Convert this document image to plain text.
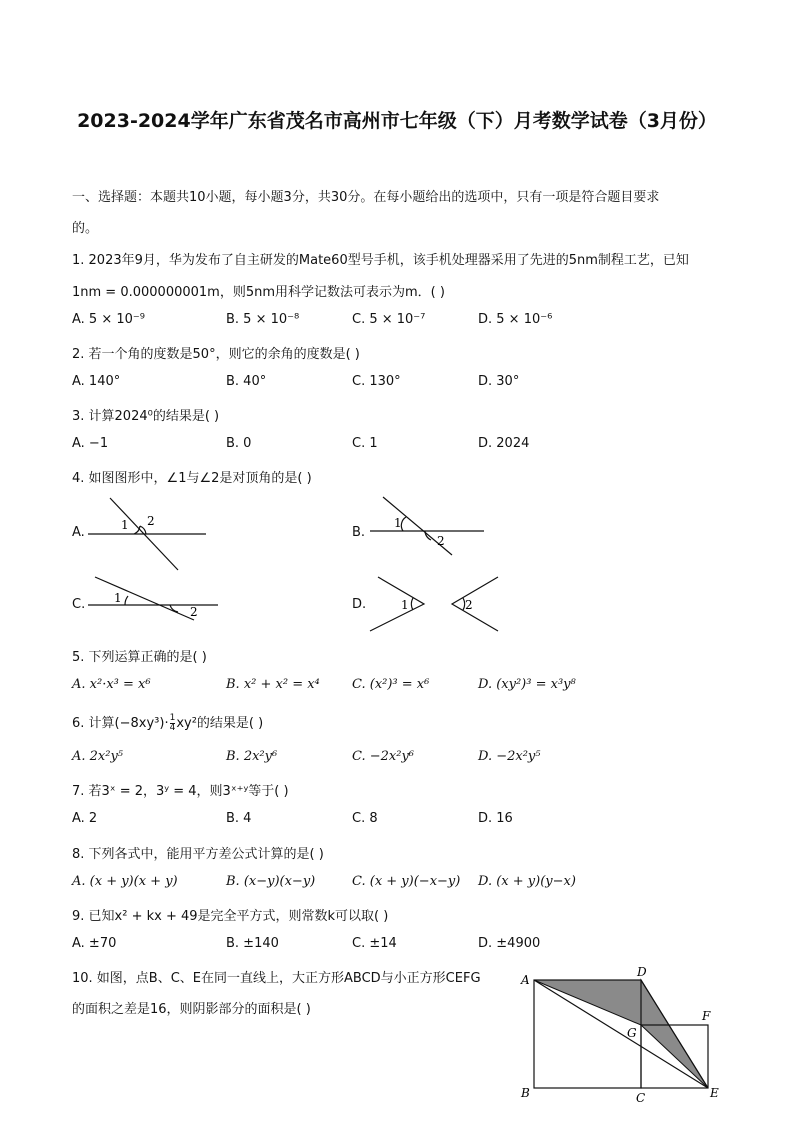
2023-2024学年广东省茂名市高州市七年级（下）月考数学试卷（3月份）
一、选择题：本题共10小题，每小题3分，共30分。在每小题给出的选项中，只有一项是符合题目要求
的。
1. 2023年9月，华为发布了自主研发的Mate60型号手机，该手机处理器采用了先进的5nm制程工艺，已知
1nm = 0.000000001m，则5nm用科学记数法可表示为m．( )
A. 5 × 10⁻⁹	B. 5 × 10⁻⁸	C. 5 × 10⁻⁷	D. 5 × 10⁻⁶
2. 若一个角的度数是50°，则它的余角的度数是( )
A. 140°	B. 40°	C. 130°	D. 30°
3. 计算2024⁰的结果是( )
A. −1	B. 0	C. 1	D. 2024
4. 如图图形中，∠1与∠2是对顶角的是( )
A.	B.
C.	D.
1 2	1
2
1
2	1	2
5. 下列运算正确的是( )
A. x²·x³ = x⁶	B. x² + x² = x⁴ C. (x²)³ = x⁶	D. (xy²)³ = x³y⁸
6. 计算$(-8xy^3)\cdot \frac{1}{4} xy^2$的结果是( )
A. 2x²y⁵	B. 2x²y⁶	C. −2x²y⁶	D. −2x²y⁵
7. 若3ˣ = 2，3ʸ = 4，则3ˣ⁺ʸ等于( )
A. 2	B. 4	C. 8	D. 16
8. 下列各式中，能用平方差公式计算的是( )
A. (x + y)(x + y)	B. (x−y)(x−y)	C. (x + y)(−x−y) D. (x + y)(y−x)
9. 已知x² + kx + 49是完全平方式，则常数k可以取( )
A. ±70	B. ±140	C. ±14	D. ±4900
10. 如图，点B、C、E在同一直线上，大正方形ABCD与小正方形CEFG
的面积之差是16，则阴影部分的面积是( )
A
D
F
G
B	C	E
